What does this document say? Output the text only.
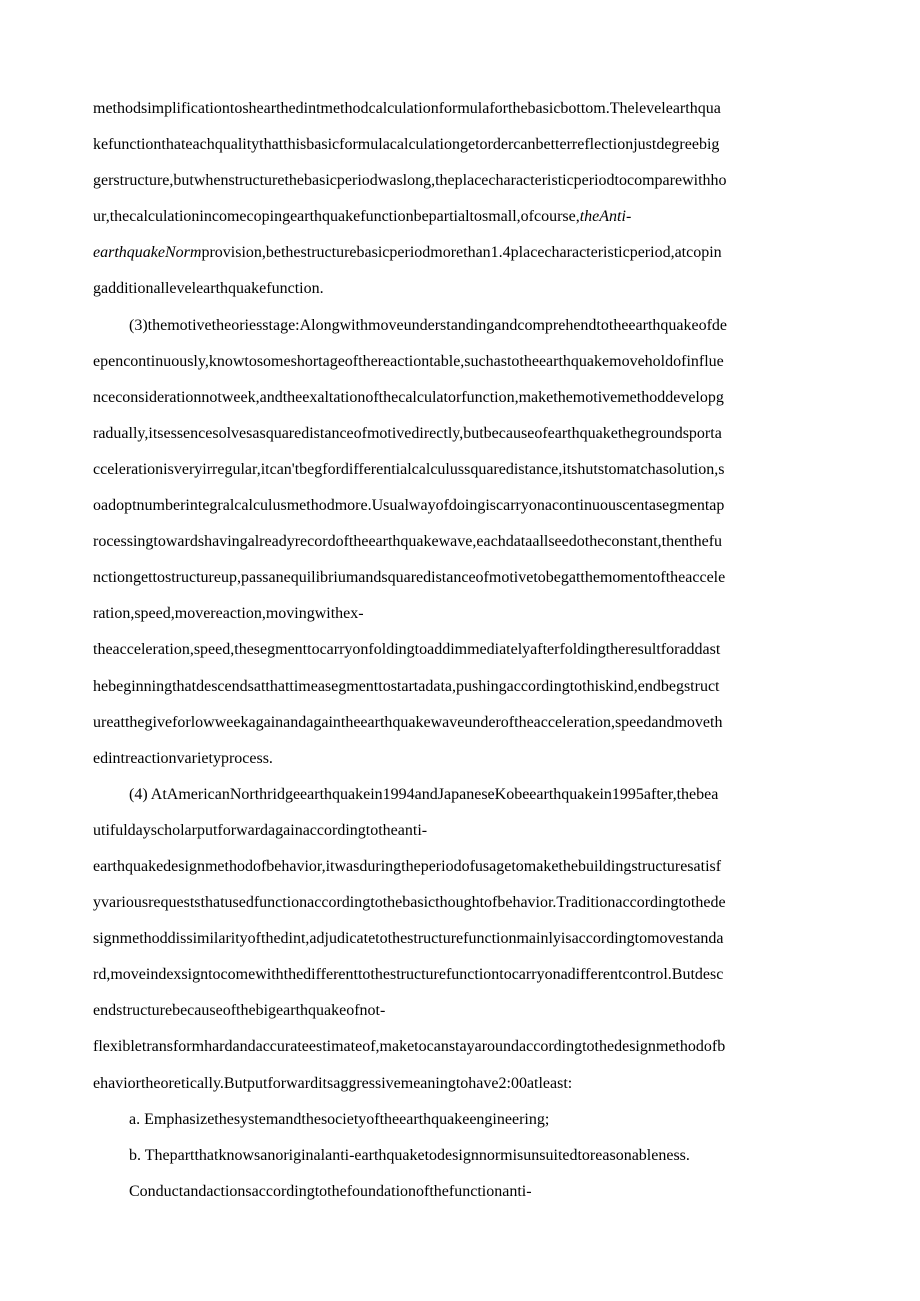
methodsimplificationtoshearthedintmethodcalculationformulaforthebasicbottom.Thelevelearthqua
kefunctionthateachqualitythatthisbasicformulacalculationgetordercanbetterreflectionjustdegreebig
gerstructure,butwhenstructurethebasicperiodwaslong,theplacecharacteristicperiodtocomparewithho
ur,thecalculationincomecopingearthquakefunctionbepartialtosmall,ofcourse,theAnti-
earthquakeNormprovision,bethestructurebasicperiodmorethan1.4placecharacteristicperiod,atcopin
gadditionallevelearthquakefunction.
(3)themotivetheoriesstage:Alongwithmoveunderstandingandcomprehendtotheearthquakeofde
epencontinuously,knowtosomeshortageofthereactiontable,suchastotheearthquakemoveholdofinflue
nceconsiderationnotweek,andtheexaltationofthecalculatorfunction,makethemotivemethoddevelopg
radually,itsessencesolvesasquaredistanceofmotivedirectly,butbecauseofearthquakethegroundsporta
ccelerationisveryirregular,itcan'tbegfordifferentialcalculussquaredistance,itshutstomatchasolution,s
oadoptnumberintegralcalculusmethodmore.Usualwayofdoingiscarryonacontinuouscentasegmentap
rocessingtowardshavingalreadyrecordoftheearthquakewave,eachdataallseedotheconstant,thenthefu
nctiongettostructureup,passanequilibriumandsquaredistanceofmotivetobegatthemomentoftheaccele
ration,speed,movereaction,movingwithex-
theacceleration,speed,thesegmenttocarryonfoldingtoaddimmediatelyafterfoldingtheresultforaddast
hebeginningthatdescendsatthattimeasegmenttostartadata,pushingaccordingtothiskind,endbegstruct
ureatthegiveforlowweekagainandagaintheearthquakewaveunderoftheacceleration,speedandmoveth
edintreactionvarietyprocess.
(4) AtAmericanNorthridgeearthquakein1994andJapaneseKobeearthquakein1995after,thebea
utifuldayscholarputforwardagainaccordingtotheanti-
earthquakedesignmethodofbehavior,itwasduringtheperiodofusagetomakethebuildingstructuresatisf
yvariousrequeststhatusedfunctionaccordingtothebasicthoughtofbehavior.Traditionaccordingtothede
signmethoddissimilarityofthedint,adjudicatetothestructurefunctionmainlyisaccordingtomovestanda
rd,moveindexsigntocomewiththedifferenttothestructurefunctiontocarryonadifferentcontrol.Butdesc
endstructurebecauseofthebigearthquakeofnot-
flexibletransformhardandaccurateestimateof,maketocanstayaroundaccordingtothedesignmethodofb
ehaviortheoretically.Butputforwarditsaggressivemeaningtohave2:00atleast:
a. Emphasizethesystemandthesocietyoftheearthquakeengineering;
b. Thepartthatknowsanoriginalanti-earthquaketodesignnormisunsuitedtoreasonableness.
Conductandactionsaccordingtothefoundationofthefunctionanti-
